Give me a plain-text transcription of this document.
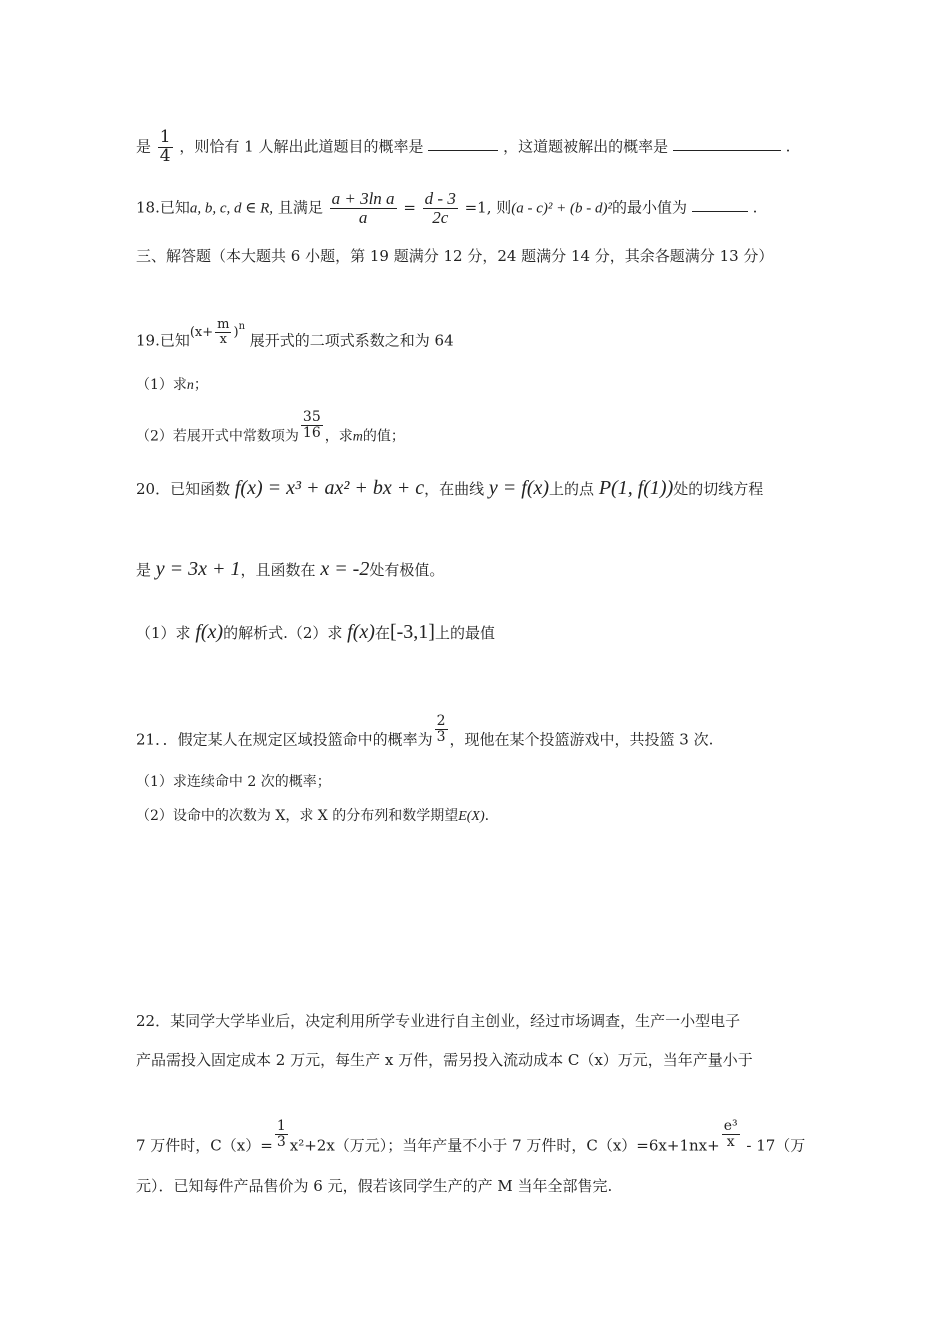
是 $\frac{1}{4}$ ，则恰有 1 人解出此道题目的概率是	，这道题被解出的概率是	.
18.已知a, b, c, d ∈ R, 且满足 $\frac{\text{a + 3ln a}}{a} = \frac{d - 3}{2c} =1$, 则(a - c)² + (b - d)²的最小值为	.
三、解答题（本大题共 6 小题，第 19 题满分 12 分，24 题满分 14 分，其余各题满分 13 分）
19.已知$(x+ \frac{m}{x} )^n$ 展开式的二项式系数之和为 64
（1）求n；
（2）若展开式中常数项为 $\frac{35}{16}$ ，求m的值；
20．已知函数 f(x) = x³ + ax² + bx + c，在曲线 y = f(x)上的点 P(1, f(1))处的切线方程
是 y = 3x + 1，且函数在 x = -2处有极值。
（1）求 f(x)的解析式.（2）求 f(x)在[-3,1]上的最值
21．．假定某人在规定区域投篮命中的概率为 $\frac{2}{3}$ ，现他在某个投篮游戏中，共投篮 3 次.
（1）求连续命中 2 次的概率；
（2）设命中的次数为 X，求 X 的分布列和数学期望E(X).
22．某同学大学毕业后，决定利用所学专业进行自主创业，经过市场调查，生产一小型电子
产品需投入固定成本 2 万元，每生产 x 万件，需另投入流动成本 C（x）万元，当年产量小于
7 万件时，$C(x)= \frac{1}{3} x^2+2x$（万元）；当年产量不小于 7 万件时，$C(x)=6x+1nx+ \frac{\text{e³}}{x} - 17$（万
元）．已知每件产品售价为 6 元，假若该同学生产的产 M 当年全部售完.
